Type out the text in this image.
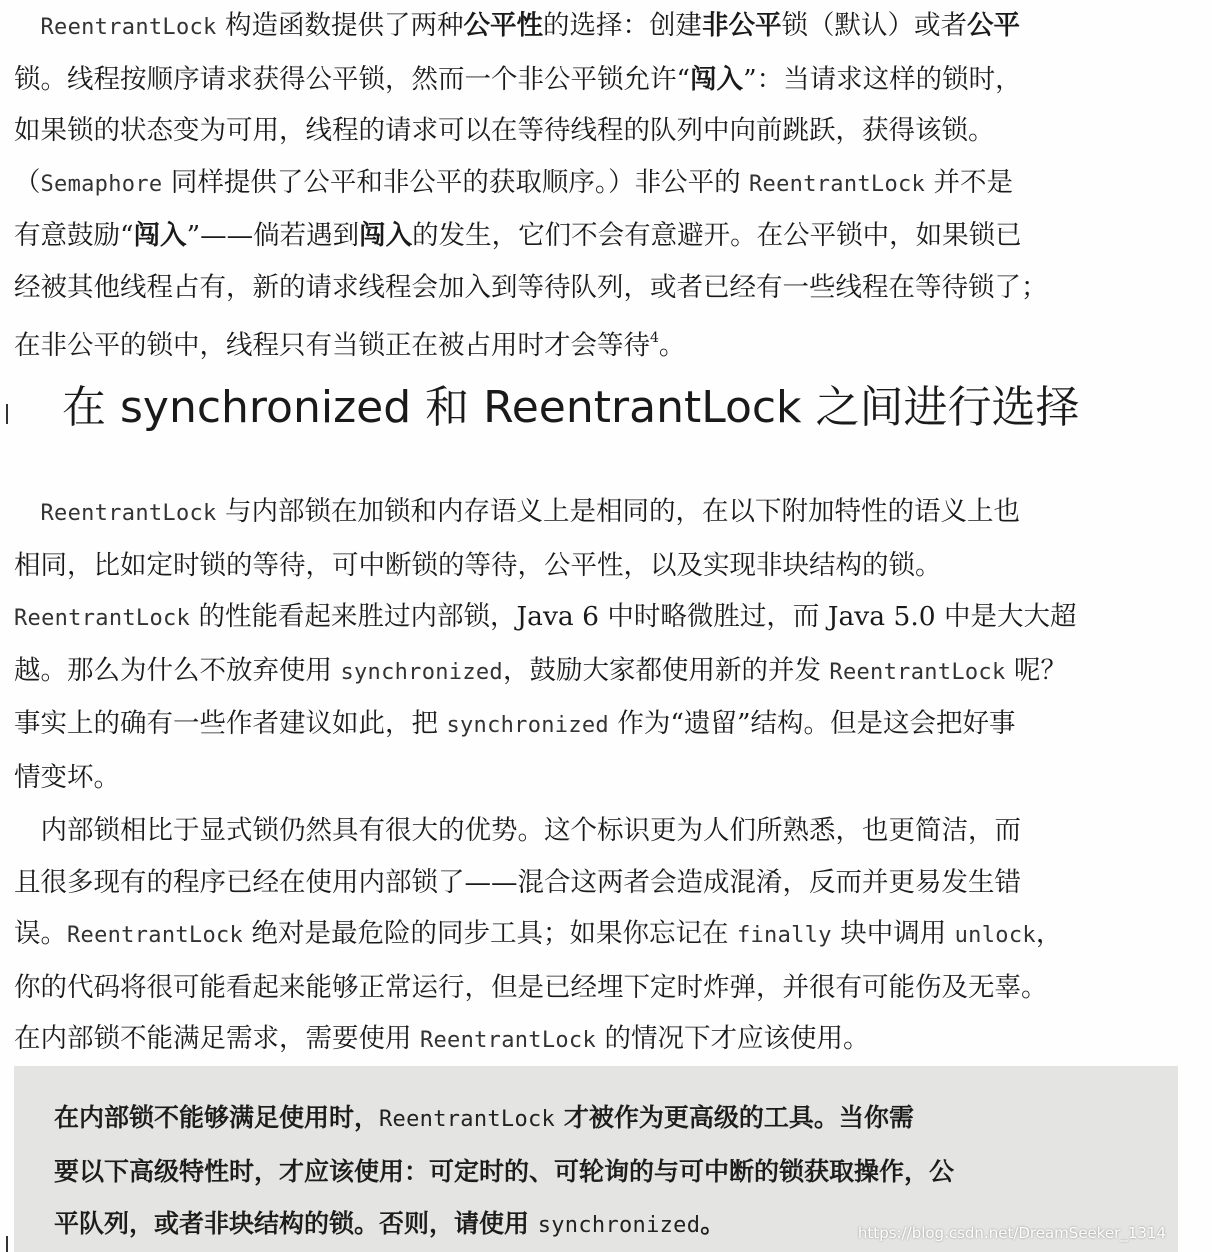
　ReentrantLock 构造函数提供了两种公平性的选择：创建非公平锁（默认）或者公平
锁。线程按顺序请求获得公平锁，然而一个非公平锁允许“闯入”：当请求这样的锁时，
如果锁的状态变为可用，线程的请求可以在等待线程的队列中向前跳跃，获得该锁。
（Semaphore 同样提供了公平和非公平的获取顺序。）非公平的 ReentrantLock 并不是
有意鼓励“闯入”——倘若遇到闯入的发生，它们不会有意避开。在公平锁中，如果锁已
经被其他线程占有，新的请求线程会加入到等待队列，或者已经有一些线程在等待锁了；
在非公平的锁中，线程只有当锁正在被占用时才会等待$^4$。
在 synchronized 和 ReentrantLock 之间进行选择
　ReentrantLock 与内部锁在加锁和内存语义上是相同的，在以下附加特性的语义上也
相同，比如定时锁的等待，可中断锁的等待，公平性，以及实现非块结构的锁。
ReentrantLock 的性能看起来胜过内部锁，Java 6 中时略微胜过，而 Java 5.0 中是大大超
越。那么为什么不放弃使用 synchronized，鼓励大家都使用新的并发 ReentrantLock 呢？
事实上的确有一些作者建议如此，把 synchronized 作为“遗留”结构。但是这会把好事
情变坏。
　内部锁相比于显式锁仍然具有很大的优势。这个标识更为人们所熟悉，也更简洁，而
且很多现有的程序已经在使用内部锁了——混合这两者会造成混淆，反而并更易发生错
误。ReentrantLock 绝对是最危险的同步工具；如果你忘记在 finally 块中调用 unlock，
你的代码将很可能看起来能够正常运行，但是已经埋下定时炸弹，并很有可能伤及无辜。
在内部锁不能满足需求，需要使用 ReentrantLock 的情况下才应该使用。
在内部锁不能够满足使用时，ReentrantLock 才被作为更高级的工具。当你需
要以下高级特性时，才应该使用：可定时的、可轮询的与可中断的锁获取操作，公
平队列，或者非块结构的锁。否则，请使用 synchronized。	https://blog.csdn.net/DreamSeeker_1314
